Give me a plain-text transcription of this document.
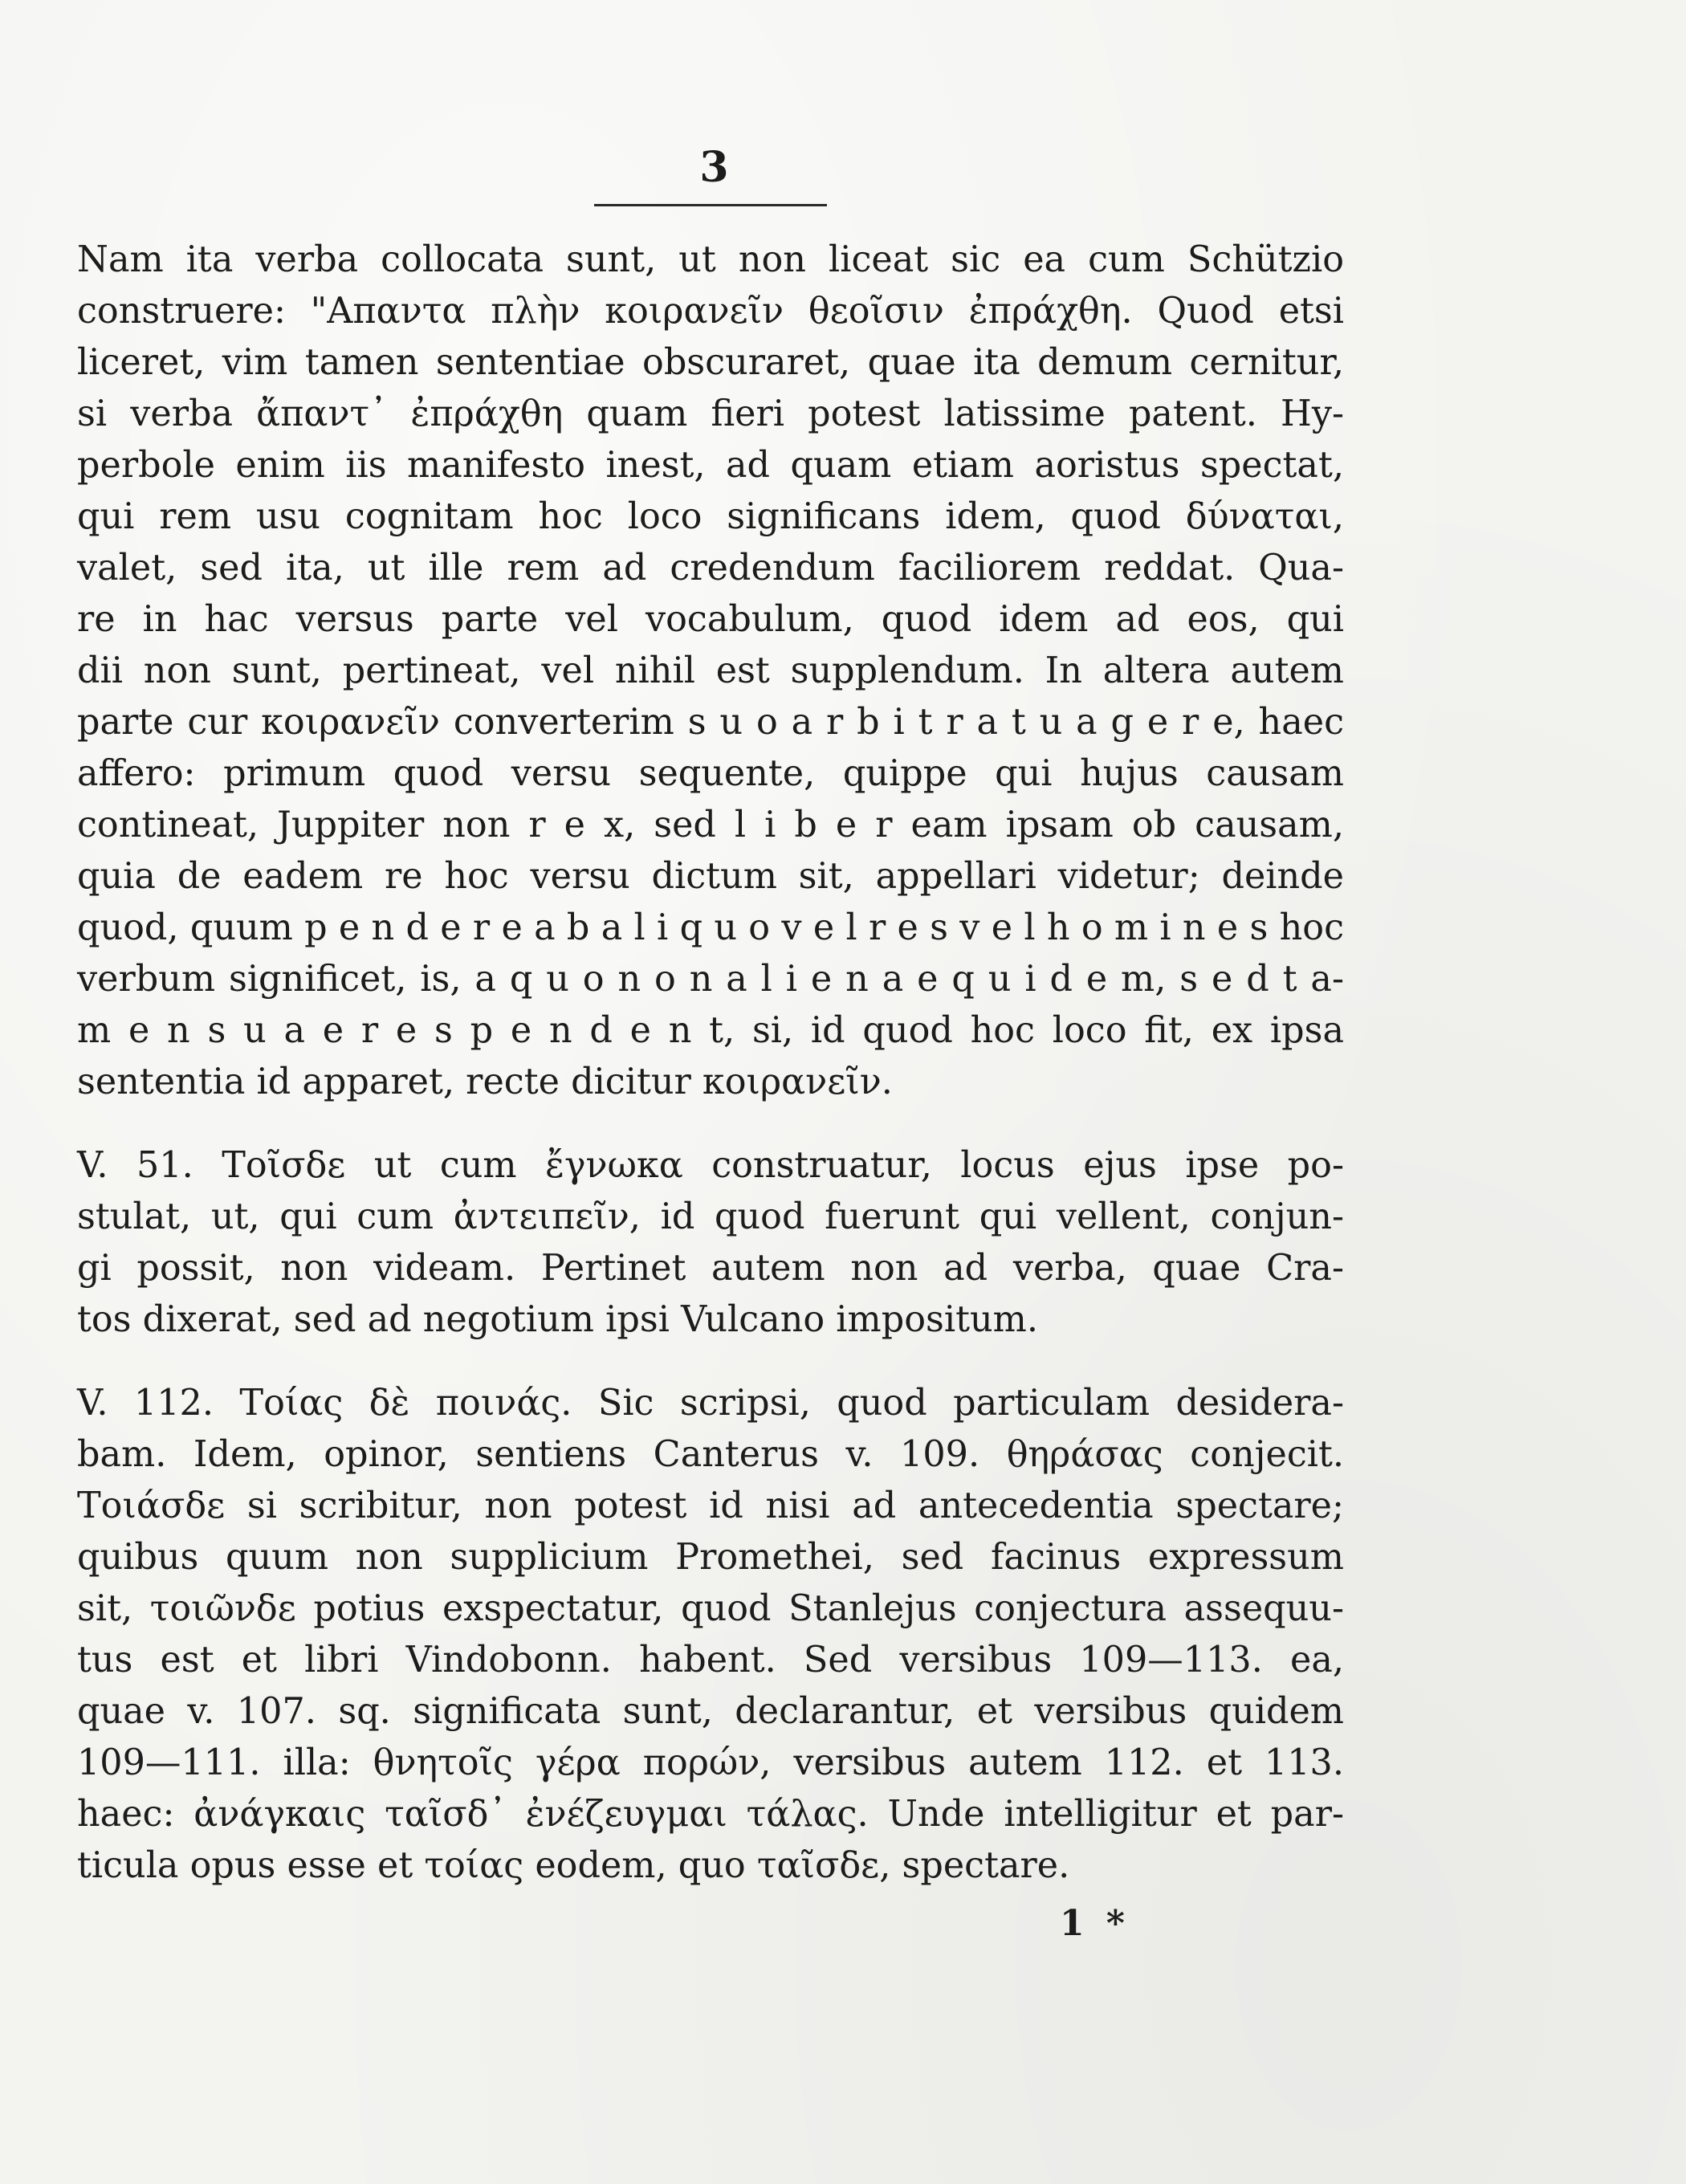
3
Nam ita verba collocata sunt, ut non liceat sic ea cum Schützio
construere: "Απαντα πλὴν κοιρανεῖν θεοῖσιν ἐπράχθη. Quod etsi
liceret, vim tamen sententiae obscuraret, quae ita demum cernitur,
si verba ἄπαντ᾽ ἐπράχθη quam fieri potest latissime patent. Hy-
perbole enim iis manifesto inest, ad quam etiam aoristus spectat,
qui rem usu cognitam hoc loco significans idem, quod δύναται,
valet, sed ita, ut ille rem ad credendum faciliorem reddat. Qua-
re in hac versus parte vel vocabulum, quod idem ad eos, qui
dii non sunt, pertineat, vel nihil est supplendum. In altera autem
parte cur κοιρανεῖν converterim s u o a r b i t r a t u a g e r e, haec
affero: primum quod versu sequente, quippe qui hujus causam
contineat, Juppiter non r e x, sed l i b e r eam ipsam ob causam,
quia de eadem re hoc versu dictum sit, appellari videtur; deinde
quod, quum p e n d e r e a b a l i q u o v e l r e s v e l h o m i n e s hoc
verbum significet, is, a q u o n o n a l i e n a e q u i d e m, s e d t a-
m e n s u a e r e s p e n d e n t, si, id quod hoc loco fit, ex ipsa
sententia id apparet, recte dicitur κοιρανεῖν.
V. 51. Τοῖσδε ut cum ἔγνωκα construatur, locus ejus ipse po-
stulat, ut, qui cum ἀντειπεῖν, id quod fuerunt qui vellent, conjun-
gi possit, non videam. Pertinet autem non ad verba, quae Cra-
tos dixerat, sed ad negotium ipsi Vulcano impositum.
V. 112. Τοίας δὲ ποινάς. Sic scripsi, quod particulam desidera-
bam. Idem, opinor, sentiens Canterus v. 109. θηράσας conjecit.
Τοιάσδε si scribitur, non potest id nisi ad antecedentia spectare;
quibus quum non supplicium Promethei, sed facinus expressum
sit, τοιῶνδε potius exspectatur, quod Stanlejus conjectura assequu-
tus est et libri Vindobonn. habent. Sed versibus 109—113. ea,
quae v. 107. sq. significata sunt, declarantur, et versibus quidem
109—111. illa: θνητοῖς γέρα πορών, versibus autem 112. et 113.
haec: ἀνάγκαις ταῖσδ᾽ ἐνέζευγμαι τάλας. Unde intelligitur et par-
ticula opus esse et τοίας eodem, quo ταῖσδε, spectare.
1 *
